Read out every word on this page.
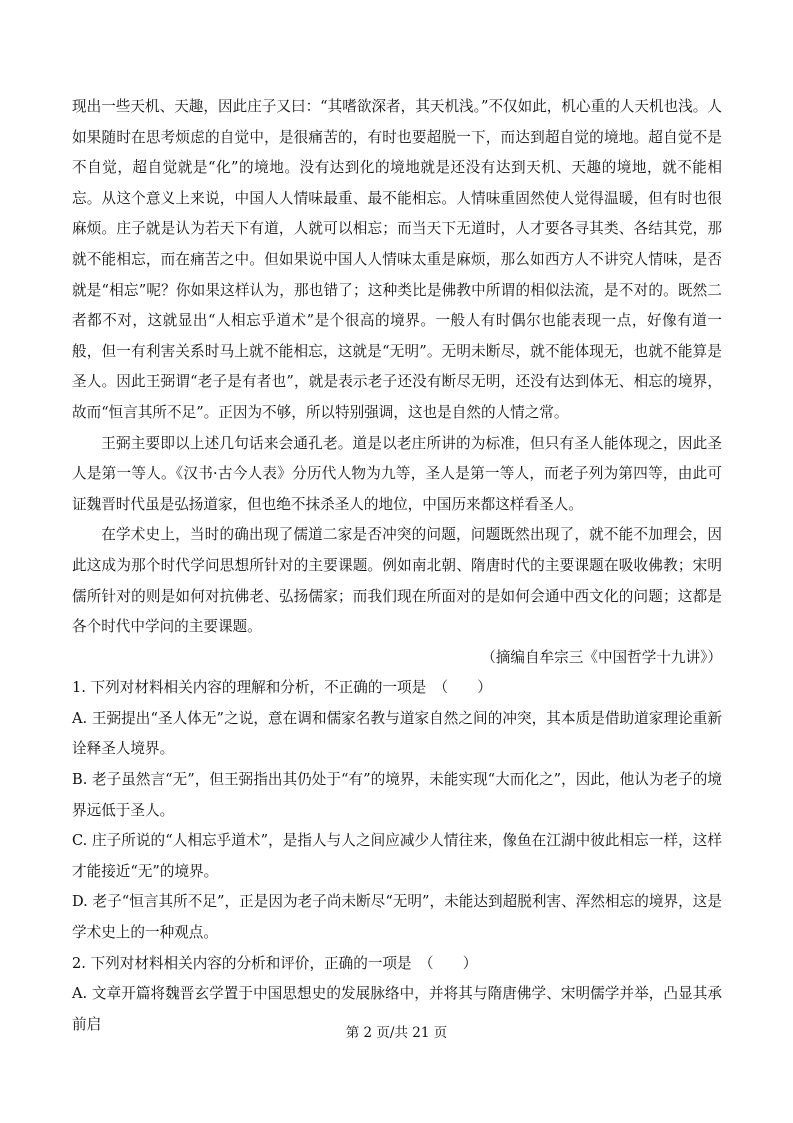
现出一些天机、天趣，因此庄子又曰：“其嗜欲深者，其天机浅。”不仅如此，机心重的人天机也浅。人如果随时在思考烦虑的自觉中，是很痛苦的，有时也要超脱一下，而达到超自觉的境地。超自觉不是不自觉，超自觉就是“化”的境地。没有达到化的境地就是还没有达到天机、天趣的境地，就不能相忘。从这个意义上来说，中国人人情味最重、最不能相忘。人情味重固然使人觉得温暖，但有时也很麻烦。庄子就是认为若天下有道，人就可以相忘；而当天下无道时，人才要各寻其类、各结其党，那就不能相忘，而在痛苦之中。但如果说中国人人情味太重是麻烦，那么如西方人不讲究人情味，是否就是“相忘”呢？你如果这样认为，那也错了；这种类比是佛教中所谓的相似法流，是不对的。既然二者都不对，这就显出“人相忘乎道术”是个很高的境界。一般人有时偶尔也能表现一点，好像有道一般，但一有利害关系时马上就不能相忘，这就是“无明”。无明未断尽，就不能体现无，也就不能算是圣人。因此王弼谓“老子是有者也”，就是表示老子还没有断尽无明，还没有达到体无、相忘的境界，故而“恒言其所不足”。正因为不够，所以特别强调，这也是自然的人情之常。

王弼主要即以上述几句话来会通孔老。道是以老庄所讲的为标准，但只有圣人能体现之，因此圣人是第一等人。《汉书·古今人表》分历代人物为九等，圣人是第一等人，而老子列为第四等，由此可证魏晋时代虽是弘扬道家，但也绝不抹杀圣人的地位，中国历来都这样看圣人。

在学术史上，当时的确出现了儒道二家是否冲突的问题，问题既然出现了，就不能不加理会，因此这成为那个时代学问思想所针对的主要课题。例如南北朝、隋唐时代的主要课题在吸收佛教；宋明儒所针对的则是如何对抗佛老、弘扬儒家；而我们现在所面对的是如何会通中西文化的问题；这都是各个时代中学问的主要课题。

（摘编自牟宗三《中国哲学十九讲》）

1. 下列对材料相关内容的理解和分析，不正确的一项是　（　　）

A. 王弼提出“圣人体无”之说，意在调和儒家名教与道家自然之间的冲突，其本质是借助道家理论重新诠释圣人境界。

B. 老子虽然言“无”，但王弼指出其仍处于“有”的境界，未能实现“大而化之”，因此，他认为老子的境界远低于圣人。

C. 庄子所说的“人相忘乎道术”，是指人与人之间应减少人情往来，像鱼在江湖中彼此相忘一样，这样才能接近“无”的境界。

D. 老子“恒言其所不足”，正是因为老子尚未断尽“无明”，未能达到超脱利害、浑然相忘的境界，这是学术史上的一种观点。

2. 下列对材料相关内容的分析和评价，正确的一项是　（　　）

A. 文章开篇将魏晋玄学置于中国思想史的发展脉络中，并将其与隋唐佛学、宋明儒学并举，凸显其承前启

第 2 页/共 21 页
